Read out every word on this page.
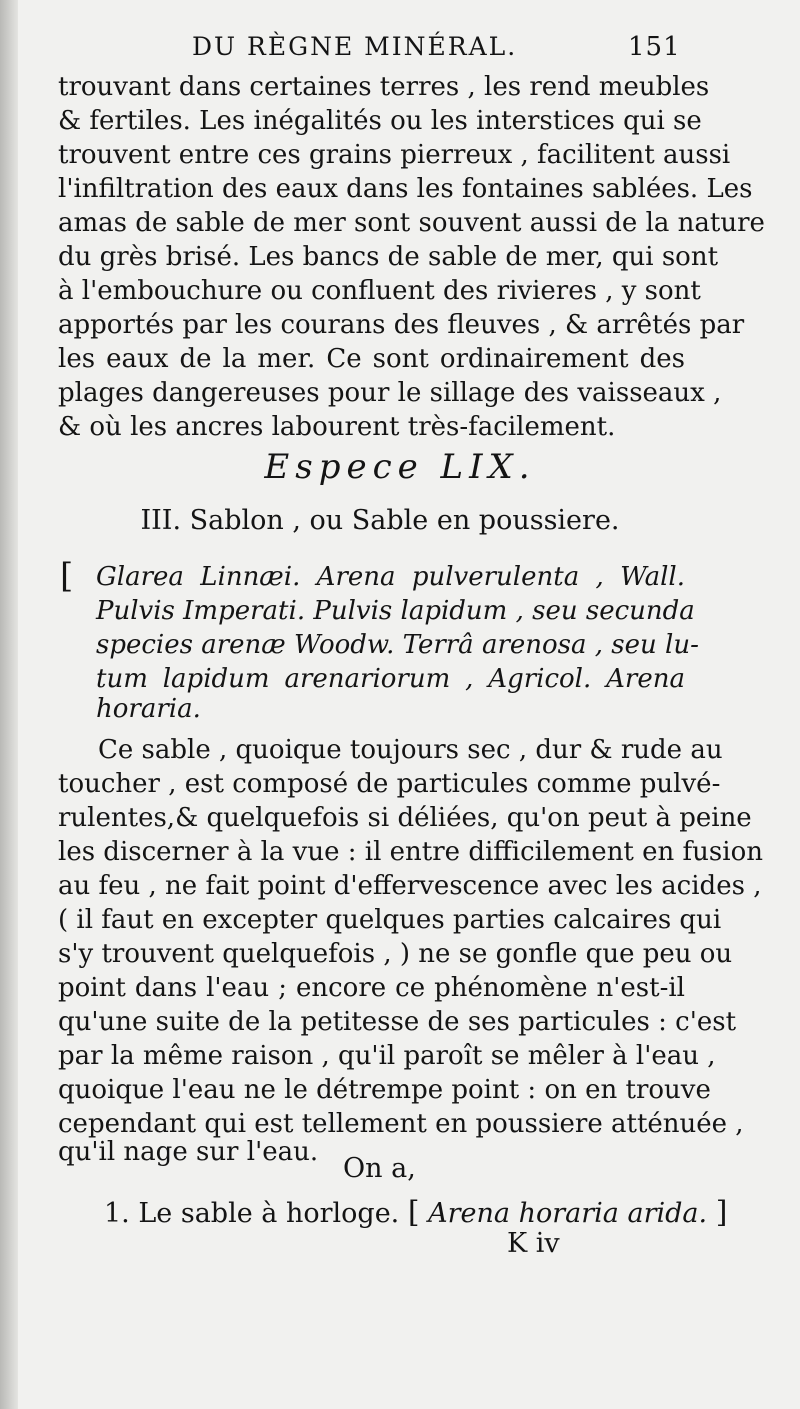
DU RÈGNE MINÉRAL.	151
trouvant dans certaines terres , les rend meubles
& fertiles. Les inégalités ou les interstices qui se
trouvent entre ces grains pierreux , facilitent aussi
l'infiltration des eaux dans les fontaines sablées. Les
amas de sable de mer sont souvent aussi de la nature
du grès brisé. Les bancs de sable de mer, qui sont
à l'embouchure ou confluent des rivieres , y sont
apportés par les courans des fleuves , & arrêtés par
les eaux de la mer. Ce sont ordinairement des
plages dangereuses pour le sillage des vaisseaux ,
& où les ancres labourent très-facilement.
Espece LIX.
III. Sablon , ou Sable en poussiere.
[ Glarea Linnæi. Arena pulverulenta , Wall.
Pulvis Imperati. Pulvis lapidum , seu secunda
species arenæ Woodw. Terrâ arenosa , seu lu-
tum lapidum arenariorum , Agricol. Arena
horaria.
Ce sable , quoique toujours sec , dur & rude au
toucher , est composé de particules comme pulvé-
rulentes,& quelquefois si déliées, qu'on peut à peine
les discerner à la vue : il entre difficilement en fusion
au feu , ne fait point d'effervescence avec les acides ,
( il faut en excepter quelques parties calcaires qui
s'y trouvent quelquefois , ) ne se gonfle que peu ou
point dans l'eau ; encore ce phénomène n'est-il
qu'une suite de la petitesse de ses particules : c'est
par la même raison , qu'il paroît se mêler à l'eau ,
quoique l'eau ne le détrempe point : on en trouve
cependant qui est tellement en poussiere atténuée ,
qu'il nage sur l'eau.
On a,
1. Le sable à horloge. [ Arena horaria arida. ]
K iv
